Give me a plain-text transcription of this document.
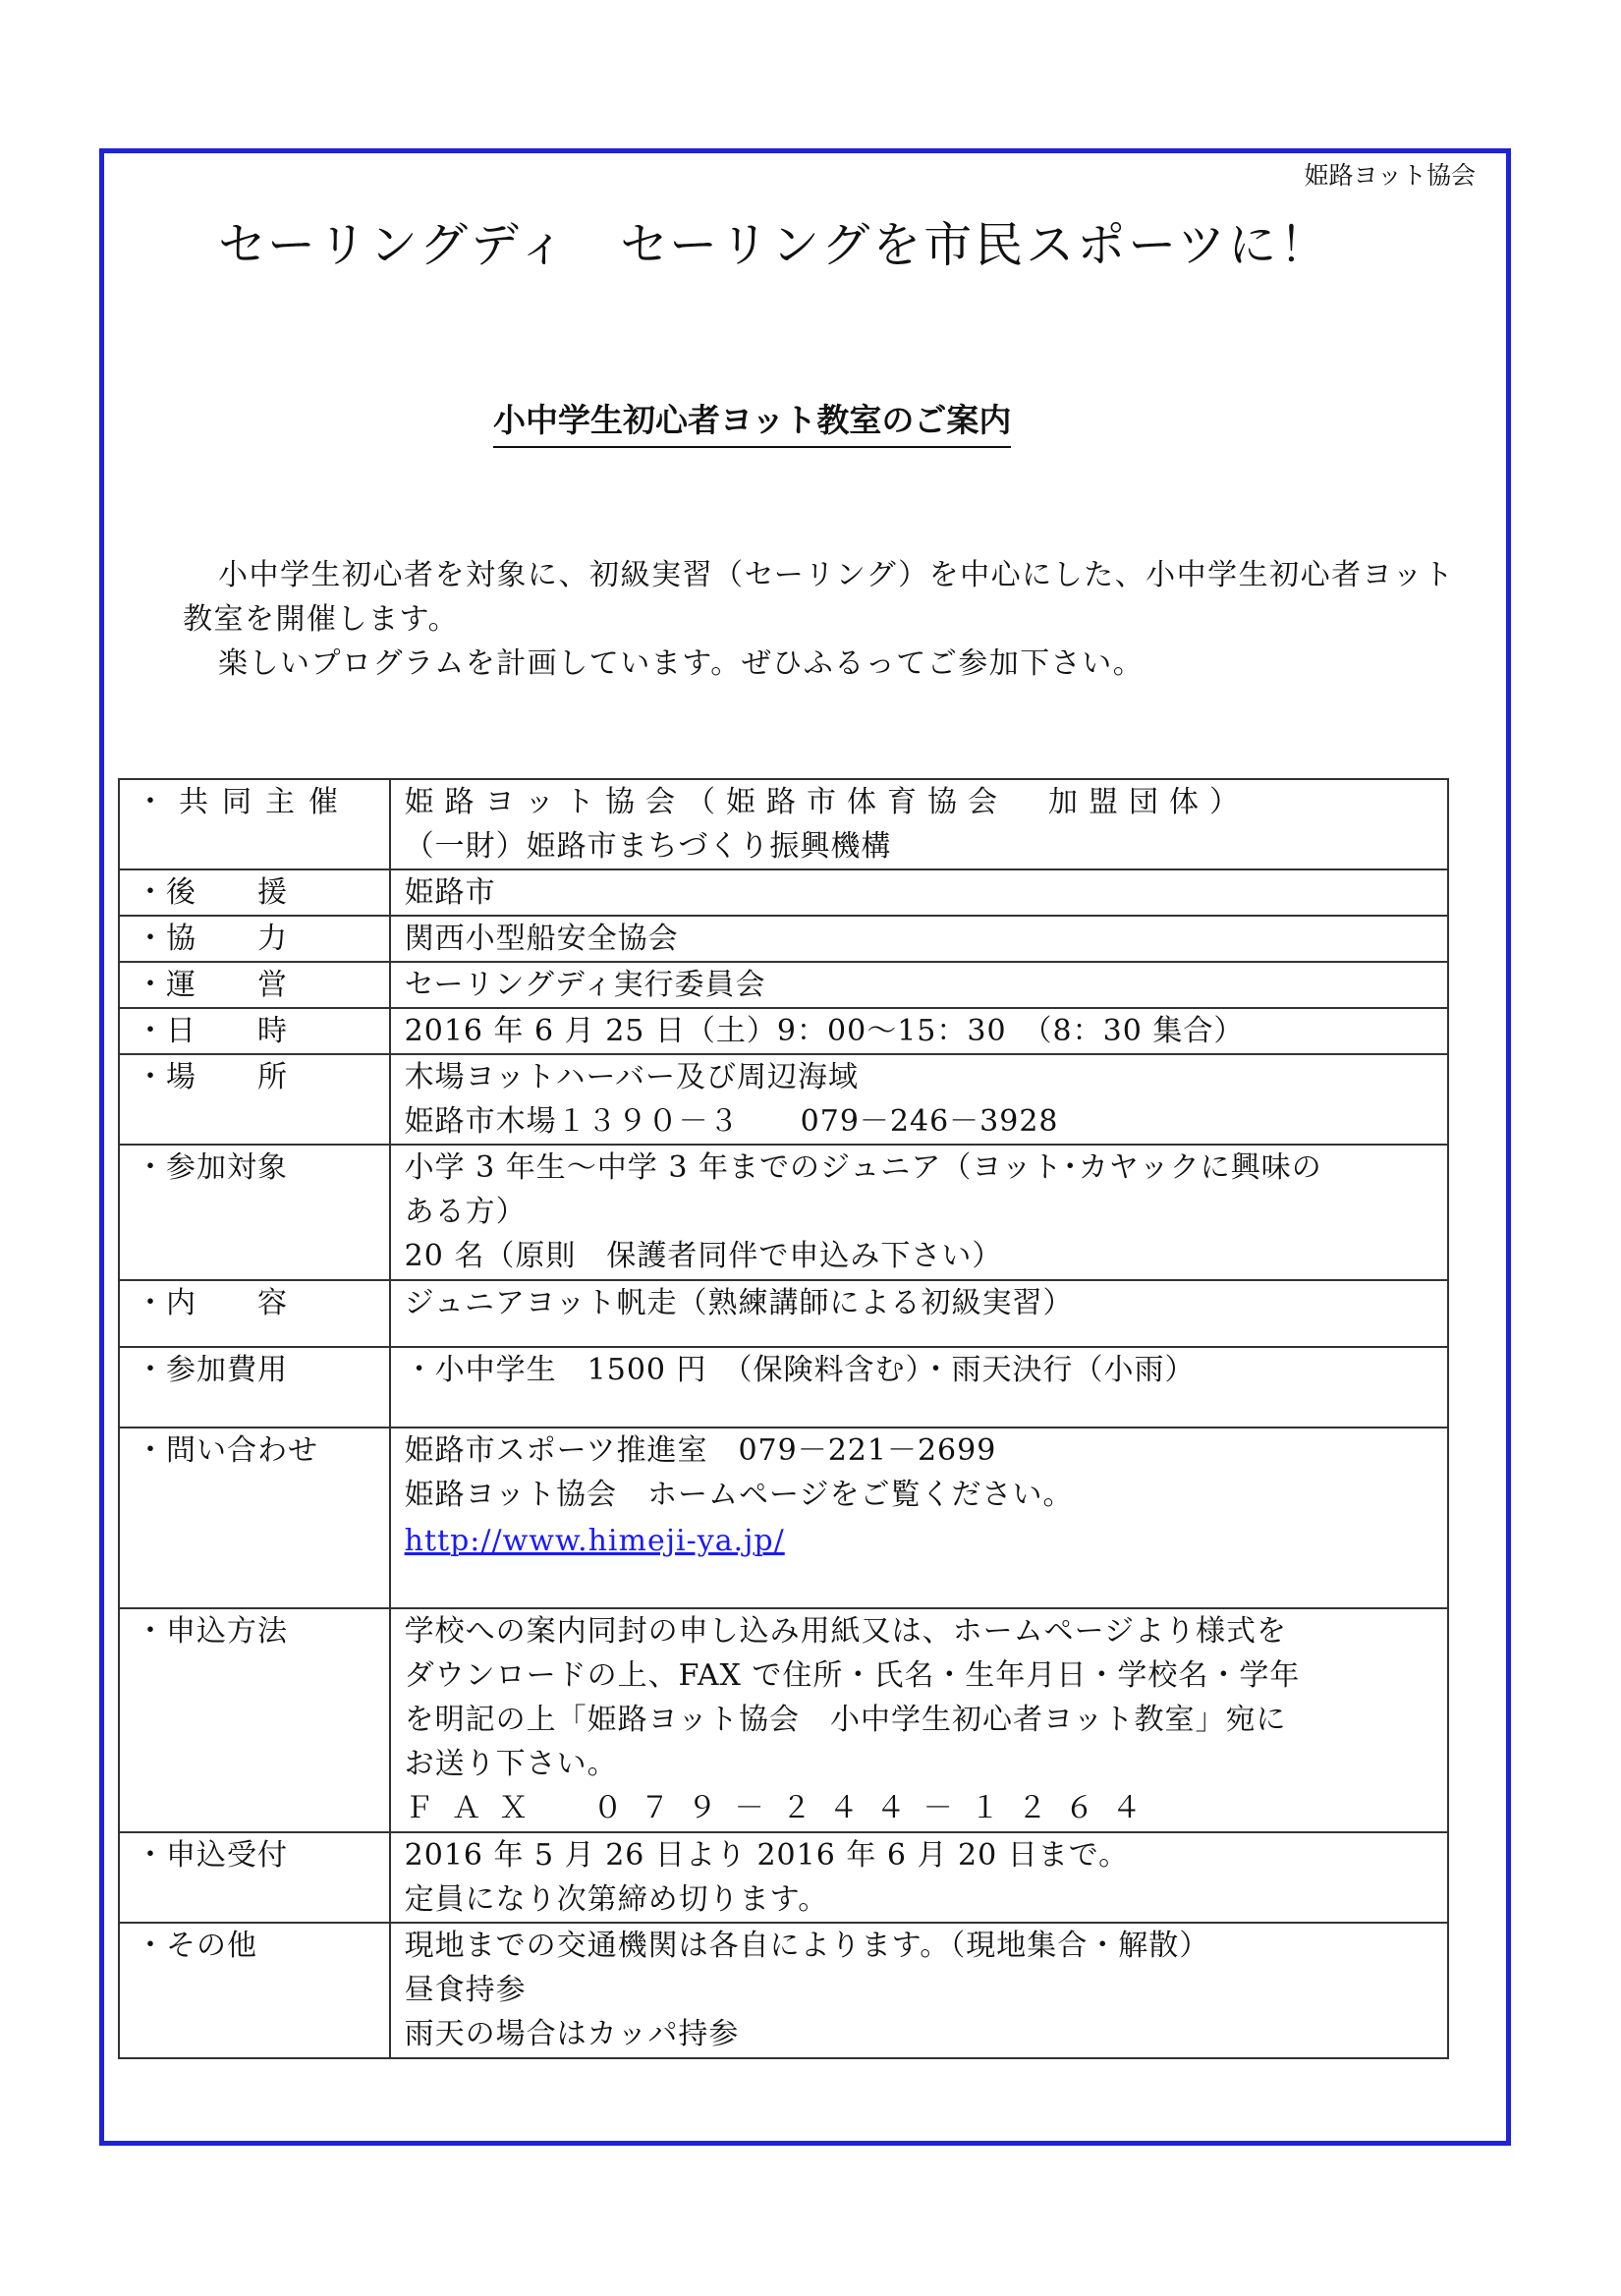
姫路ヨット協会
セーリングディ　セーリングを市民スポーツに！
小中学生初心者ヨット教室のご案内

小中学生初心者を対象に、初級実習（セーリング）を中心にした、小中学生初心者ヨット教室を開催します。

楽しいプログラムを計画しています。ぜひふるってご参加下さい。

・共同主催	姫路ヨット協会（姫路市体育協会　加盟団体）
（一財）姫路市まちづくり振興機構

・後　　援	姫路市

・協　　力	関西小型船安全協会

・運　　営	セーリングディ実行委員会

・日　　時	2016 年 6 月 25 日（土）9：00〜15：30　（8：30 集合）

・場　　所	木場ヨットハーバー及び周辺海域
姫路市木場１３９０－３　　079－246－3928

・参加対象	小学 3 年生〜中学 3 年までのジュニア（ヨット･カヤックに興味の
ある方）
20 名（原則　保護者同伴で申込み下さい）

・内　　容	ジュニアヨット帆走（熟練講師による初級実習）

・参加費用	・小中学生　1500 円　（保険料含む）・雨天決行（小雨）

・問い合わせ	姫路市スポーツ推進室　079－221－2699
姫路ヨット協会　ホームページをご覧ください。
http://www.himeji-ya.jp/

・申込方法	学校への案内同封の申し込み用紙又は、ホームページより様式を
ダウンロードの上、FAX で住所・氏名・生年月日・学校名・学年
を明記の上「姫路ヨット協会　小中学生初心者ヨット教室」宛に
お送り下さい。
ＦＡＸ　０７９－２４４－１２６４

・申込受付	2016 年 5 月 26 日より 2016 年 6 月 20 日まで。
定員になり次第締め切ります。

・その他	現地までの交通機関は各自によります。（現地集合・解散）
昼食持参
雨天の場合はカッパ持参
